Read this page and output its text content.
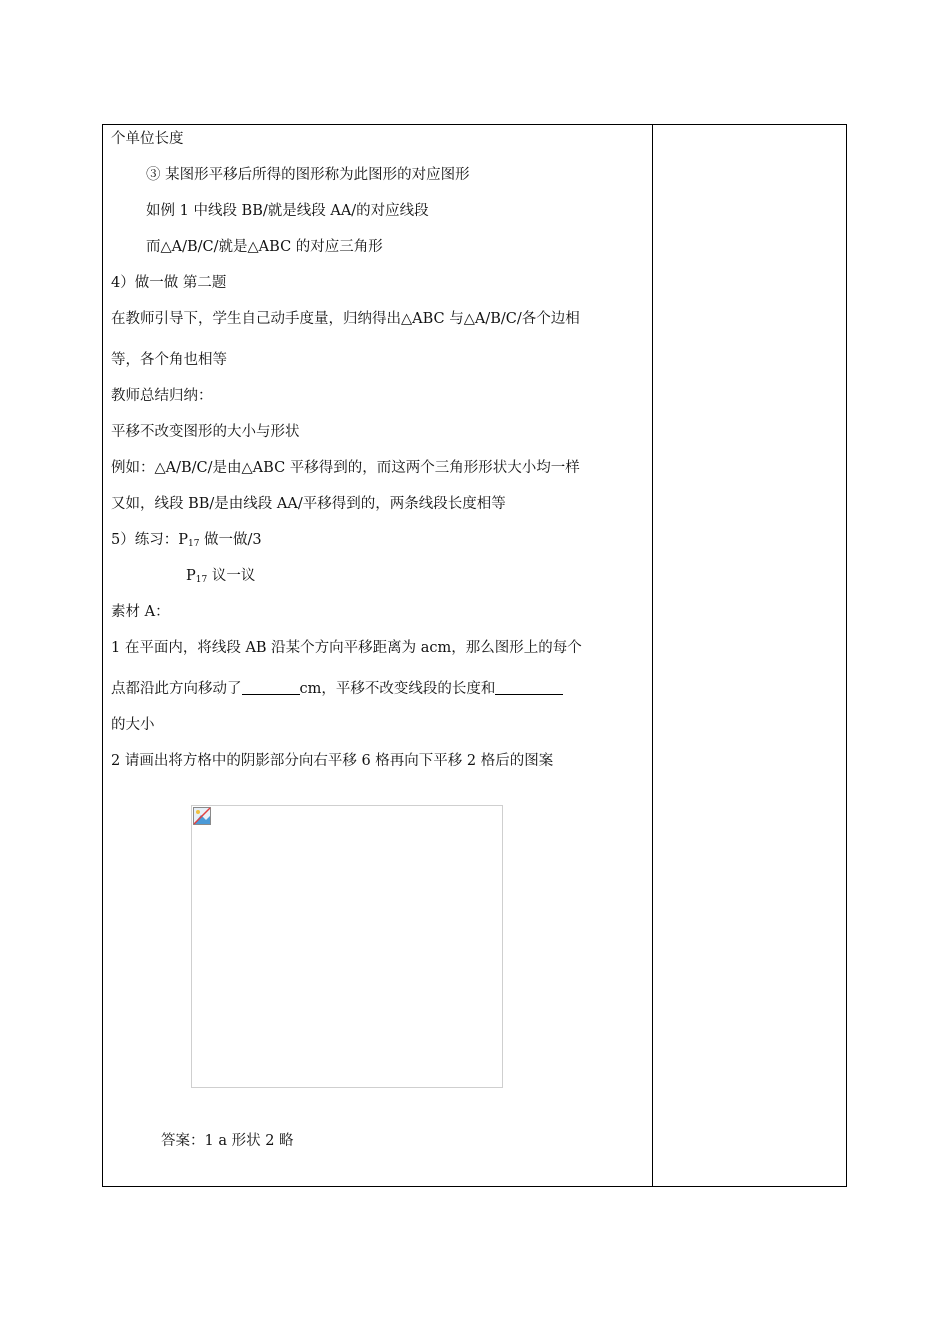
个单位长度
③ 某图形平移后所得的图形称为此图形的对应图形
如例 1 中线段 BB/就是线段 AA/的对应线段
而△A/B/C/就是△ABC 的对应三角形
4）做一做 第二题
在教师引导下，学生自己动手度量，归纳得出△ABC 与△A/B/C/各个边相
等，各个角也相等
教师总结归纳：
平移不改变图形的大小与形状
例如：△A/B/C/是由△ABC 平移得到的，而这两个三角形形状大小均一样
又如，线段 BB/是由线段 AA/平移得到的，两条线段长度相等
5）练习：$P_{17}$ 做一做/3
$P_{17}$ 议一议
素材 A：
1 在平面内，将线段 AB 沿某个方向平移距离为 acm，那么图形上的每个
点都沿此方向移动了	cm，平移不改变线段的长度和
的大小
2 请画出将方格中的阴影部分向右平移 6 格再向下平移 2 格后的图案
答案：1 a 形状 2 略
